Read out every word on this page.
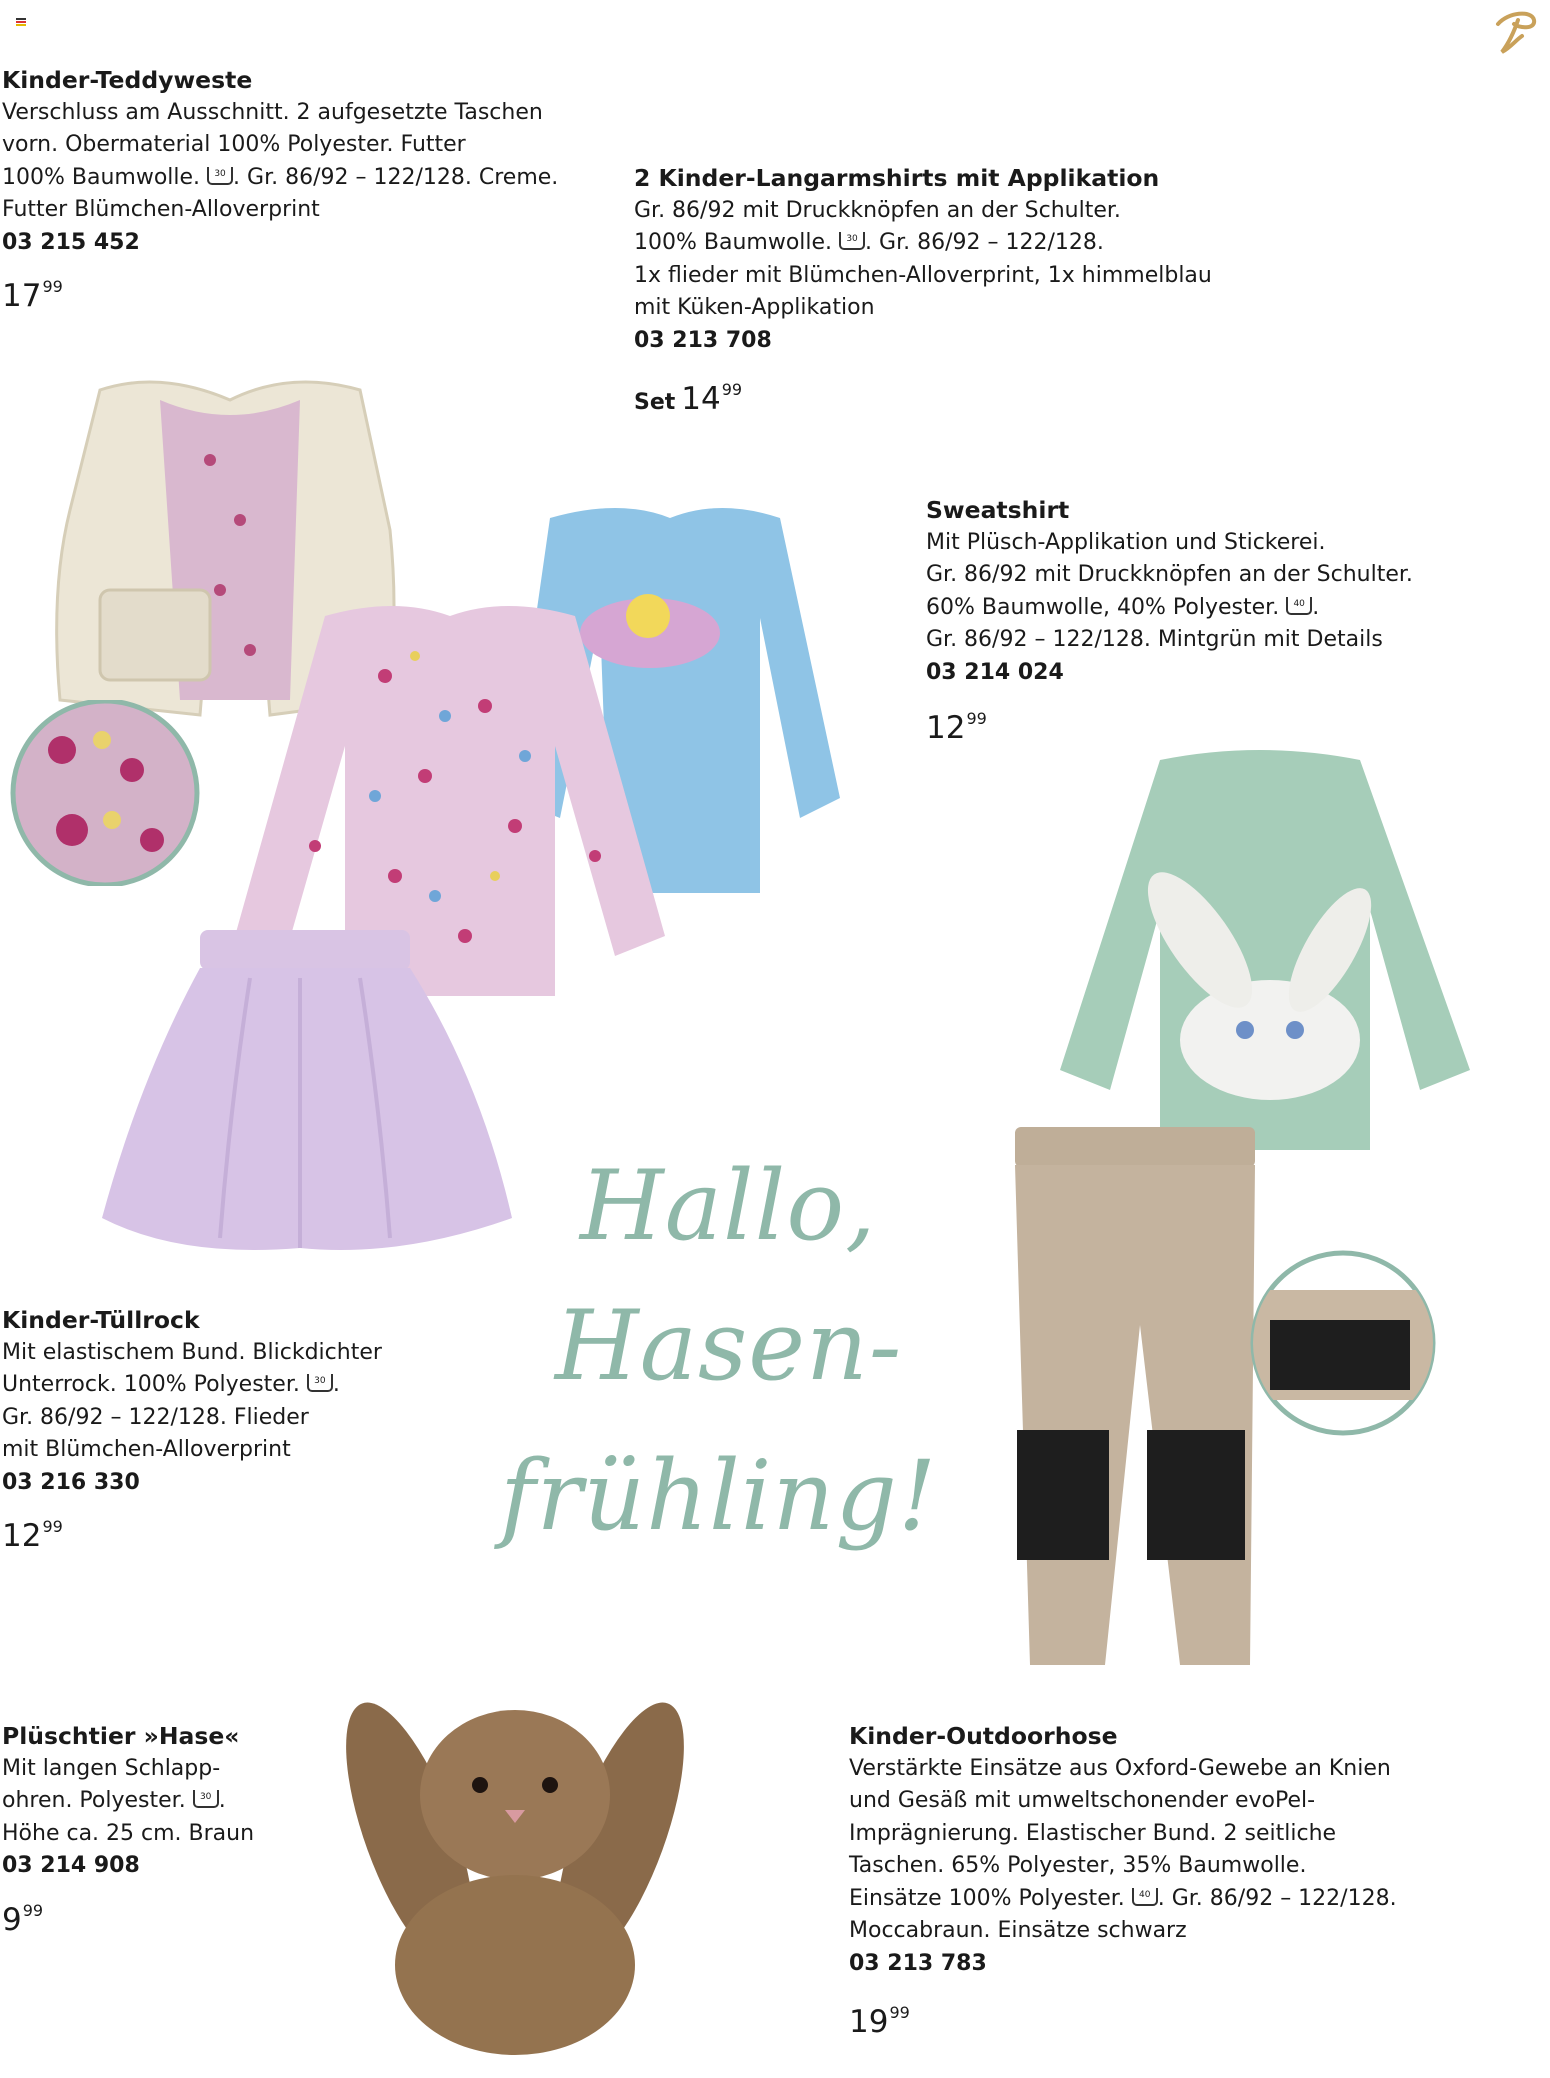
Kinder-Teddyweste
Verschluss am Ausschnitt. 2 aufgesetzte Taschen
vorn. Obermaterial 100% Polyester. Futter
100% Baumwolle. 30 . Gr. 86/92 – 122/128. Creme.
Futter Blümchen-Alloverprint
03 215 452
$17^{99}$
2 Kinder-Langarmshirts mit Applikation
Gr. 86/92 mit Druckknöpfen an der Schulter.
100% Baumwolle. 30 . Gr. 86/92 – 122/128.
1x flieder mit Blümchen-Alloverprint, 1x himmelblau
mit Küken-Applikation
03 213 708
Set $14^{99}$
Sweatshirt
Mit Plüsch-Applikation und Stickerei.
Gr. 86/92 mit Druckknöpfen an der Schulter.
60% Baumwolle, 40% Polyester. 40 .
Gr. 86/92 – 122/128. Mintgrün mit Details
03 214 024
$12^{99}$
Kinder-Tüllrock
Mit elastischem Bund. Blickdichter
Unterrock. 100% Polyester. 30 .
Gr. 86/92 – 122/128. Flieder
mit Blümchen-Alloverprint
03 216 330
$12^{99}$
Plüschtier »Hase«
Mit langen Schlapp-
ohren. Polyester. 30 .
Höhe ca. 25 cm. Braun
03 214 908
$9^{99}$
Kinder-Outdoorhose
Verstärkte Einsätze aus Oxford-Gewebe an Knien
und Gesäß mit umweltschonender evoPel-
Imprägnierung. Elastischer Bund. 2 seitliche
Taschen. 65% Polyester, 35% Baumwolle.
Einsätze 100% Polyester. 40 . Gr. 86/92 – 122/128.
Moccabraun. Einsätze schwarz
03 213 783
$19^{99}$
Hallo,
Hasen-
frühling!
